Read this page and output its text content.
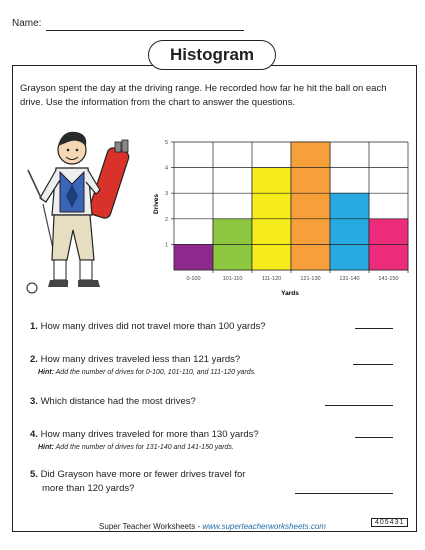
Name:
Histogram
Grayson spent the day at the driving range. He recorded how far he hit the ball on each drive. Use the information from the chart to answer the questions.
1
2
3
4
5
0-100	101-110	111-120	121-130	131-140	141-150
Drives
Yards
1. How many drives did not travel more than 100 yards?
2. How many drives traveled less than 121 yards?
Hint: Add the number of drives for 0-100, 101-110, and 111-120 yards.
3. Which distance had the most drives?
4. How many drives traveled for more than 130 yards?
Hint: Add the number of drives for 131-140 and 141-150 yards.
5. Did Grayson have more or fewer drives travel for
more than 120 yards?
Super Teacher Worksheets - www.superteacherworksheets.com	405431
